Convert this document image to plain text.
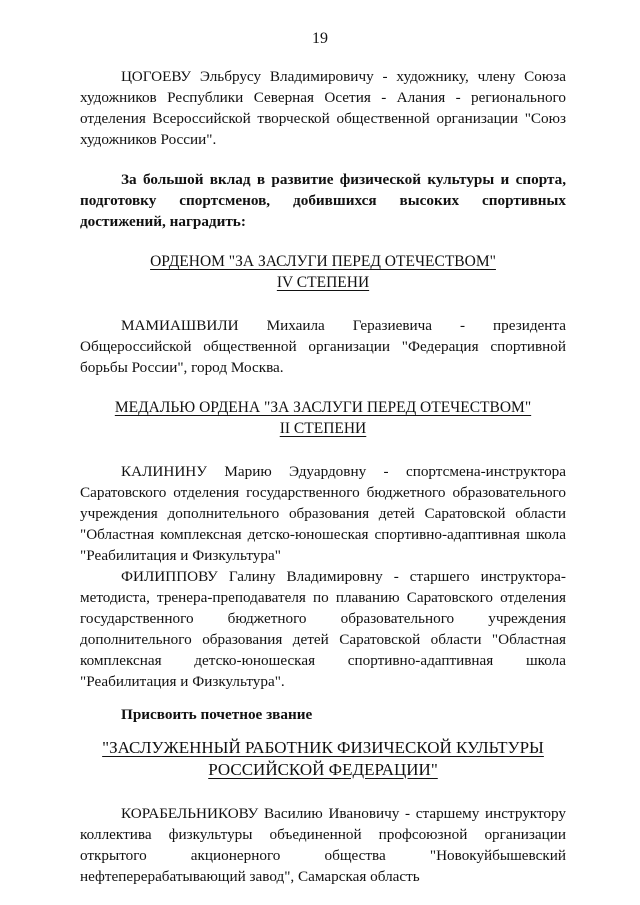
19

ЦОГОЕВУ Эльбрусу Владимировичу - художнику, члену Союза художников Республики Северная Осетия - Алания - регионального отделения Всероссийской творческой общественной организации "Союз художников России".

За большой вклад в развитие физической культуры и спорта, подготовку спортсменов, добившихся высоких спортивных достижений, наградить:

ОРДЕНОМ "ЗА ЗАСЛУГИ ПЕРЕД ОТЕЧЕСТВОМ"
IV СТЕПЕНИ

МАМИАШВИЛИ Михаила Геразиевича - президента Общероссийской общественной организации "Федерация спортивной борьбы России", город Москва.

МЕДАЛЬЮ ОРДЕНА "ЗА ЗАСЛУГИ ПЕРЕД ОТЕЧЕСТВОМ"
II СТЕПЕНИ

КАЛИНИНУ Марию Эдуардовну - спортсмена-инструктора Саратовского отделения государственного бюджетного образовательного учреждения дополнительного образования детей Саратовской области "Областная комплексная детско-юношеская спортивно-адаптивная школа "Реабилитация и Физкультура"

ФИЛИППОВУ Галину Владимировну - старшего инструктора-методиста, тренера-преподавателя по плаванию Саратовского отделения государственного бюджетного образовательного учреждения дополнительного образования детей Саратовской области "Областная комплексная детско-юношеская спортивно-адаптивная школа "Реабилитация и Физкультура".

Присвоить почетное звание

"ЗАСЛУЖЕННЫЙ РАБОТНИК ФИЗИЧЕСКОЙ КУЛЬТУРЫ
РОССИЙСКОЙ ФЕДЕРАЦИИ"

КОРАБЕЛЬНИКОВУ Василию Ивановичу - старшему инструктору коллектива физкультуры объединенной профсоюзной организации открытого акционерного общества "Новокуйбышевский нефтеперерабатывающий завод", Самарская область
